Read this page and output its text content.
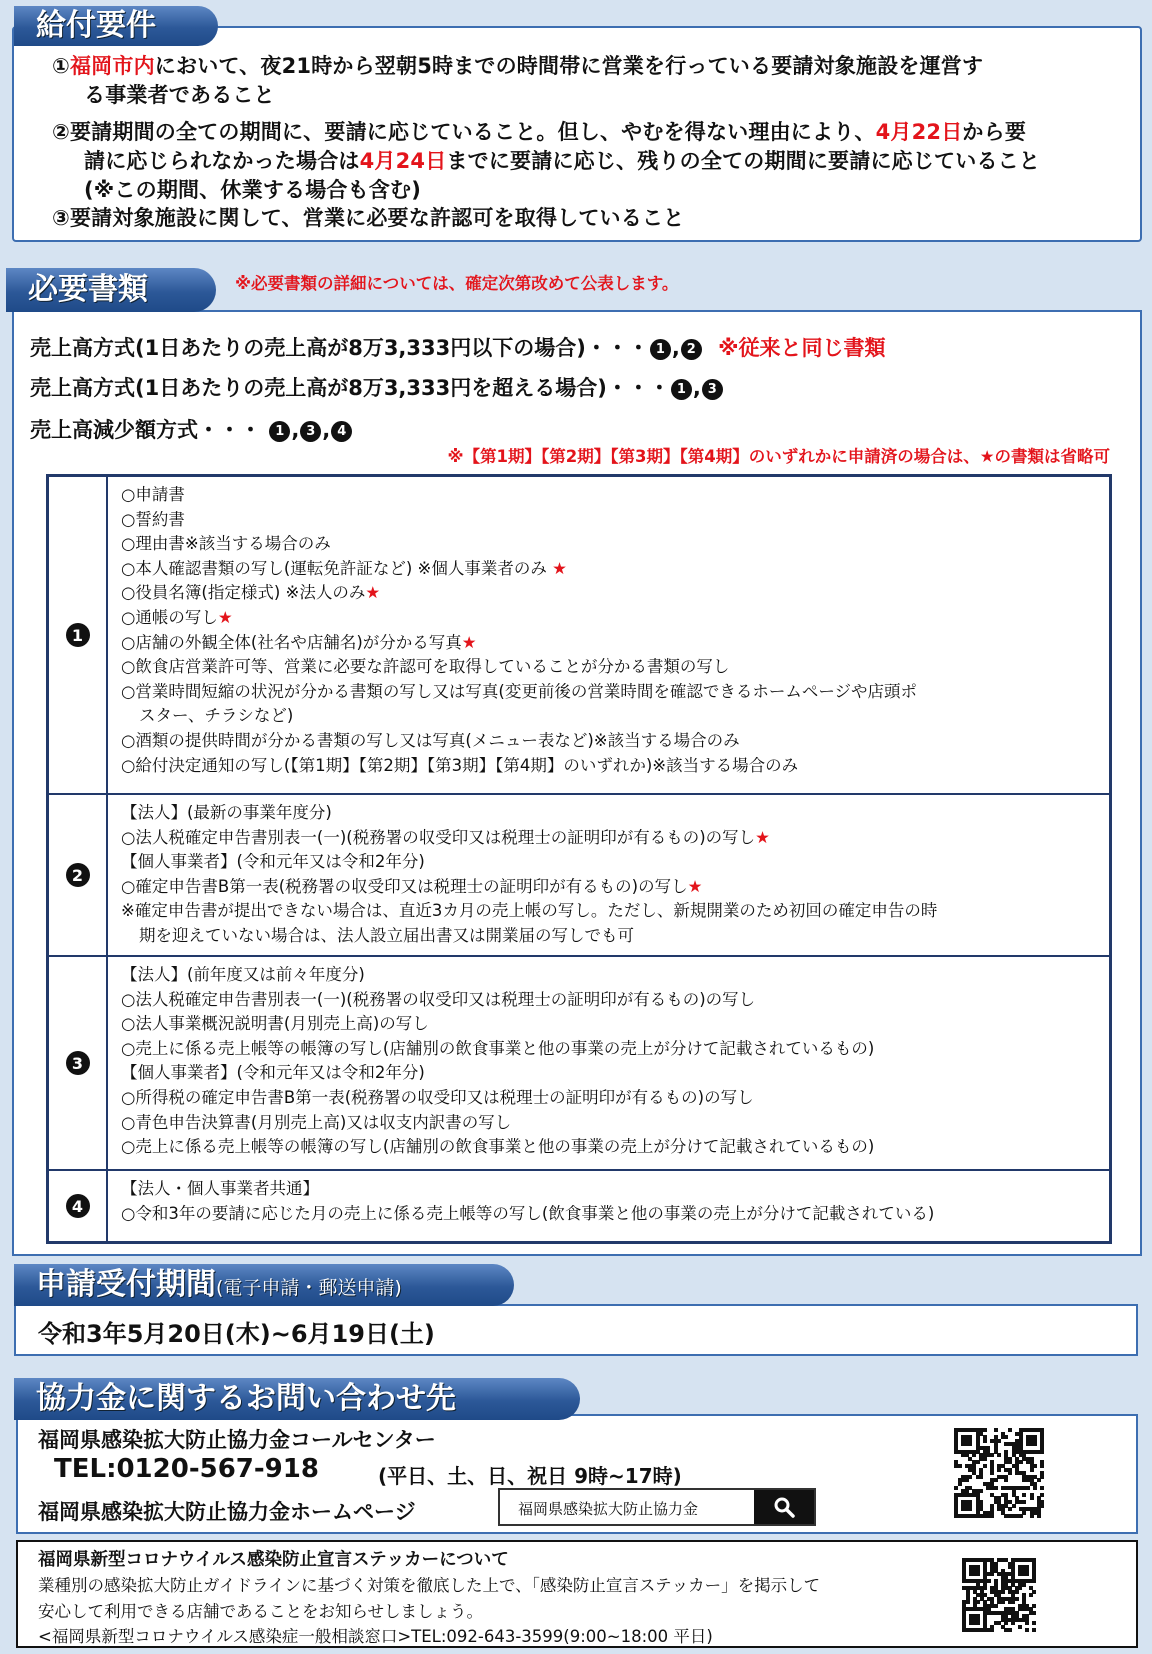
給付要件
①福岡市内において、夜21時から翌朝5時までの時間帯に営業を行っている要請対象施設を運営す
る事業者であること
②要請期間の全ての期間に、要請に応じていること。但し、やむを得ない理由により、4月22日から要
請に応じられなかった場合は4月24日までに要請に応じ、残りの全ての期間に要請に応じていること
(※この期間、休業する場合も含む)
③要請対象施設に関して、営業に必要な許認可を取得していること
必要書類	※必要書類の詳細については、確定次第改めて公表します。
売上高方式(1日あたりの売上高が8万3,333円以下の場合)・・・ 1 , 2 ※従来と同じ書類
売上高方式(1日あたりの売上高が8万3,333円を超える場合)・・・ 1 , 3
売上高減少額方式・・・ 1 , 3 , 4
※【第1期】【第2期】【第3期】【第4期】のいずれかに申請済の場合は、★の書類は省略可
1
○申請書
○誓約書
○理由書※該当する場合のみ
○本人確認書類の写し(運転免許証など) ※個人事業者のみ ★
○役員名簿(指定様式) ※法人のみ★
○通帳の写し★
○店舗の外観全体(社名や店舗名)が分かる写真★
○飲食店営業許可等、営業に必要な許認可を取得していることが分かる書類の写し
○営業時間短縮の状況が分かる書類の写し又は写真(変更前後の営業時間を確認できるホームページや店頭ポ
スター、チラシなど)
○酒類の提供時間が分かる書類の写し又は写真(メニュー表など)※該当する場合のみ
○給付決定通知の写し(【第1期】【第2期】【第3期】【第4期】のいずれか)※該当する場合のみ
2
【法人】(最新の事業年度分)
○法人税確定申告書別表一(一)(税務署の収受印又は税理士の証明印が有るもの)の写し★
【個人事業者】(令和元年又は令和2年分)
○確定申告書B第一表(税務署の収受印又は税理士の証明印が有るもの)の写し★
※確定申告書が提出できない場合は、直近3カ月の売上帳の写し。ただし、新規開業のため初回の確定申告の時
期を迎えていない場合は、法人設立届出書又は開業届の写しでも可
3
【法人】(前年度又は前々年度分)
○法人税確定申告書別表一(一)(税務署の収受印又は税理士の証明印が有るもの)の写し
○法人事業概況説明書(月別売上高)の写し
○売上に係る売上帳等の帳簿の写し(店舗別の飲食事業と他の事業の売上が分けて記載されているもの)
【個人事業者】(令和元年又は令和2年分)
○所得税の確定申告書B第一表(税務署の収受印又は税理士の証明印が有るもの)の写し
○青色申告決算書(月別売上高)又は収支内訳書の写し
○売上に係る売上帳等の帳簿の写し(店舗別の飲食事業と他の事業の売上が分けて記載されているもの)
4
【法人・個人事業者共通】
○令和3年の要請に応じた月の売上に係る売上帳等の写し(飲食事業と他の事業の売上が分けて記載されている)
申請受付期間(電子申請・郵送申請)
令和3年5月20日(木)~6月19日(土)
協力金に関するお問い合わせ先
福岡県感染拡大防止協力金コールセンター
TEL:0120-567-918	(平日、土、日、祝日 9時~17時)
福岡県感染拡大防止協力金ホームページ	福岡県感染拡大防止協力金
福岡県新型コロナウイルス感染防止宣言ステッカーについて
業種別の感染拡大防止ガイドラインに基づく対策を徹底した上で、「感染防止宣言ステッカー」を掲示して
安心して利用できる店舗であることをお知らせしましょう。
<福岡県新型コロナウイルス感染症一般相談窓口>TEL:092-643-3599(9:00~18:00 平日)
